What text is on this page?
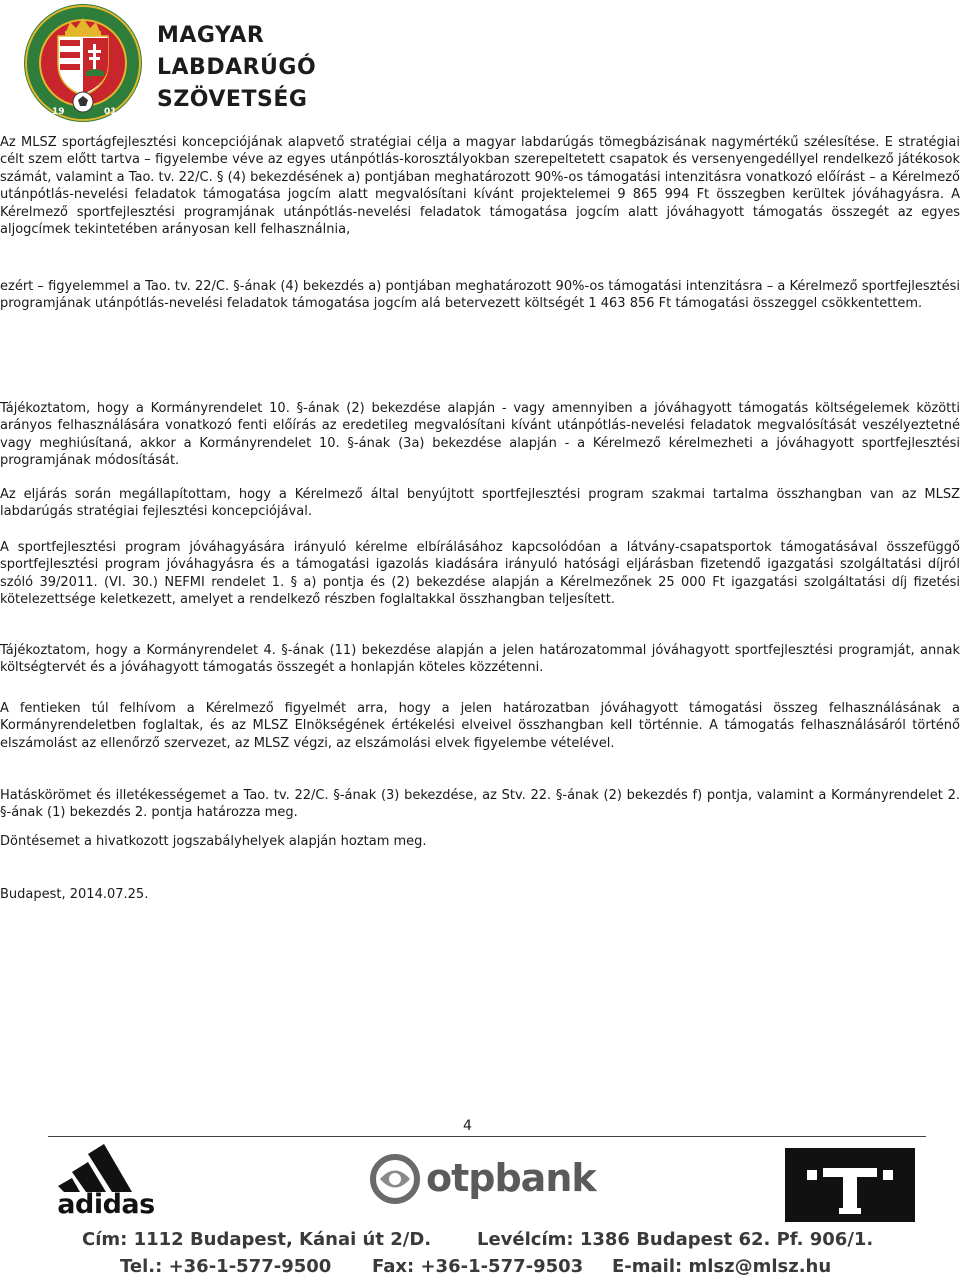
19	01
MAGYAR
LABDARÚGÓ
SZÖVETSÉG

Az MLSZ sportágfejlesztési koncepciójának alapvető stratégiai célja a magyar labdarúgás tömegbázisának nagymértékű szélesítése. E stratégiai célt szem előtt tartva – figyelembe véve az egyes utánpótlás-korosztályokban szerepeltetett csapatok és versenyengedéllyel rendelkező játékosok számát, valamint a Tao. tv. 22/C. § (4) bekezdésének a) pontjában meghatározott 90%-os támogatási intenzitásra vonatkozó előírást – a Kérelmező utánpótlás-nevelési feladatok támogatása jogcím alatt megvalósítani kívánt projektelemei 9 865 994 Ft összegben kerültek jóváhagyásra. A Kérelmező sportfejlesztési programjának utánpótlás-nevelési feladatok támogatása jogcím alatt jóváhagyott támogatás összegét az egyes aljogcímek tekintetében arányosan kell felhasználnia,

ezért – figyelemmel a Tao. tv. 22/C. §-ának (4) bekezdés a) pontjában meghatározott 90%-os támogatási intenzitásra – a Kérelmező sportfejlesztési programjának utánpótlás-nevelési feladatok támogatása jogcím alá betervezett költségét 1 463 856 Ft támogatási összeggel csökkentettem.

Tájékoztatom, hogy a Kormányrendelet 10. §-ának (2) bekezdése alapján - vagy amennyiben a jóváhagyott támogatás költségelemek közötti arányos felhasználására vonatkozó fenti előírás az eredetileg megvalósítani kívánt utánpótlás-nevelési feladatok megvalósítását veszélyeztetné vagy meghiúsítaná, akkor a Kormányrendelet 10. §-ának (3a) bekezdése alapján - a Kérelmező kérelmezheti a jóváhagyott sportfejlesztési programjának módosítását.

Az eljárás során megállapítottam, hogy a Kérelmező által benyújtott sportfejlesztési program szakmai tartalma összhangban van az MLSZ labdarúgás stratégiai fejlesztési koncepciójával.

A sportfejlesztési program jóváhagyására irányuló kérelme elbírálásához kapcsolódóan a látvány-csapatsportok támogatásával összefüggő sportfejlesztési program jóváhagyásra és a támogatási igazolás kiadására irányuló hatósági eljárásban fizetendő igazgatási szolgáltatási díjról szóló 39/2011. (VI. 30.) NEFMI rendelet 1. § a) pontja és (2) bekezdése alapján a Kérelmezőnek 25 000 Ft igazgatási szolgáltatási díj fizetési kötelezettsége keletkezett, amelyet a rendelkező részben foglaltakkal összhangban teljesített.

Tájékoztatom, hogy a Kormányrendelet 4. §-ának (11) bekezdése alapján a jelen határozatommal jóváhagyott sportfejlesztési programját, annak költségtervét és a jóváhagyott támogatás összegét a honlapján köteles közzétenni.

A fentieken túl felhívom a Kérelmező figyelmét arra, hogy a jelen határozatban jóváhagyott támogatási összeg felhasználásának a Kormányrendeletben foglaltak, és az MLSZ Elnökségének értékelési elveivel összhangban kell történnie. A támogatás felhasználásáról történő elszámolást az ellenőrző szervezet, az MLSZ végzi, az elszámolási elvek figyelembe vételével.

Hatáskörömet és illetékességemet a Tao. tv. 22/C. §-ának (3) bekezdése, az Stv. 22. §-ának (2) bekezdés f) pontja, valamint a Kormányrendelet 2. §-ának (1) bekezdés 2. pontja határozza meg.

Döntésemet a hivatkozott jogszabályhelyek alapján hoztam meg.

Budapest, 2014.07.25.

4
adidas
otpbank
T
Cím: 1112 Budapest, Kánai út 2/D.	Levélcím: 1386 Budapest 62. Pf. 906/1.
Tel.: +36-1-577-9500 Fax: +36-1-577-9503 E-mail: mlsz@mlsz.hu
